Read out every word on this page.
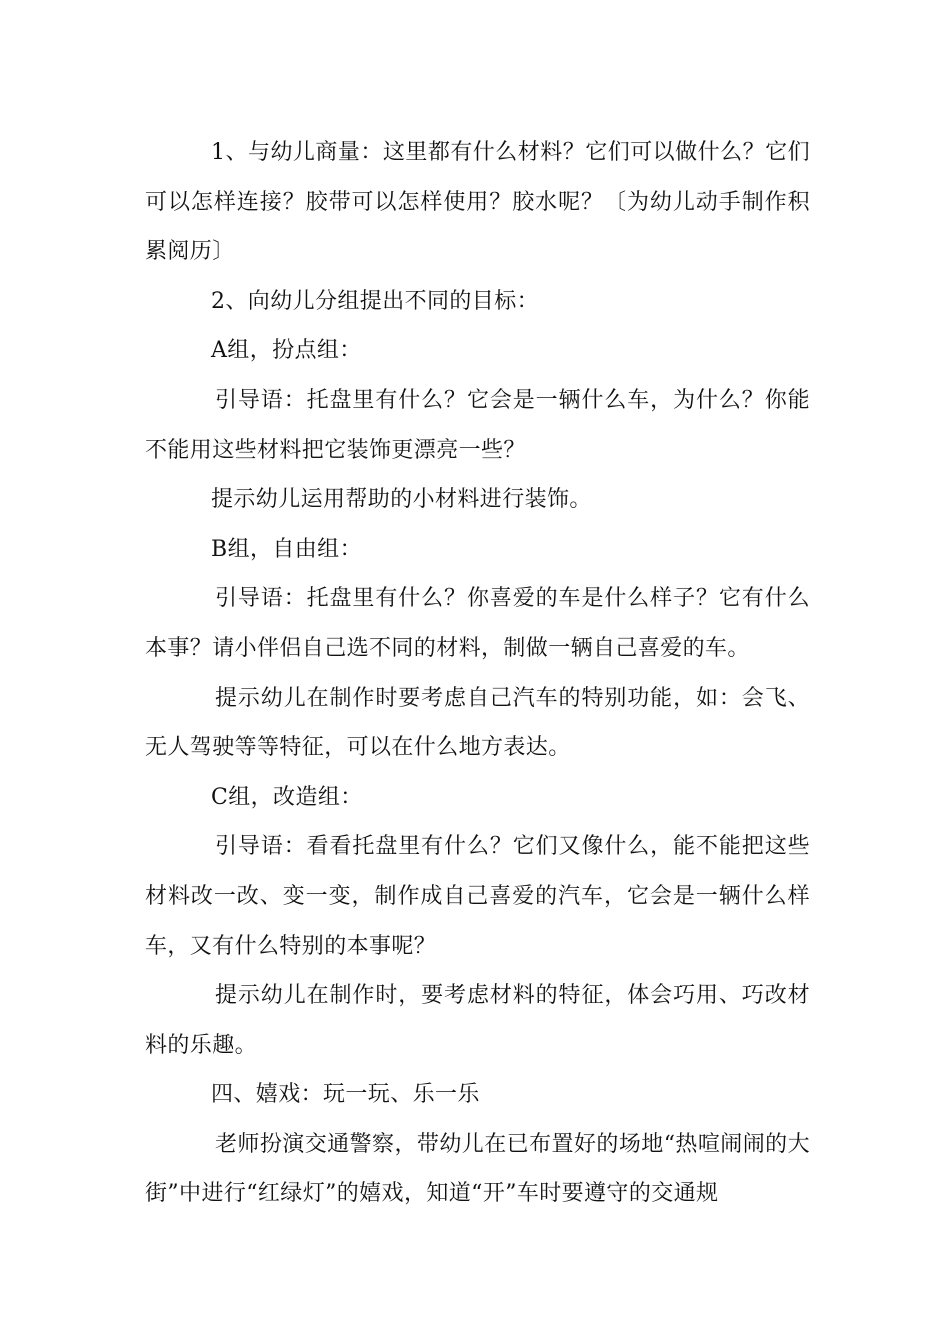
1、与幼儿商量：这里都有什么材料？它们可以做什么？它们可以怎样连接？胶带可以怎样使用？胶水呢？〔为幼儿动手制作积累阅历〕

2、向幼儿分组提出不同的目标：

A组，扮点组：

引导语：托盘里有什么？它会是一辆什么车，为什么？你能不能用这些材料把它装饰更漂亮一些？

提示幼儿运用帮助的小材料进行装饰。

B组，自由组：

引导语：托盘里有什么？你喜爱的车是什么样子？它有什么本事？请小伴侣自己选不同的材料，制做一辆自己喜爱的车。

提示幼儿在制作时要考虑自己汽车的特别功能，如：会飞、无人驾驶等等特征，可以在什么地方表达。

C组，改造组：

引导语：看看托盘里有什么？它们又像什么，能不能把这些材料改一改、变一变，制作成自己喜爱的汽车，它会是一辆什么样车，又有什么特别的本事呢？

提示幼儿在制作时，要考虑材料的特征，体会巧用、巧改材料的乐趣。

四、嬉戏：玩一玩、乐一乐

老师扮演交通警察，带幼儿在已布置好的场地“热喧闹闹的大街”中进行“红绿灯”的嬉戏，知道“开”车时要遵守的交通规
